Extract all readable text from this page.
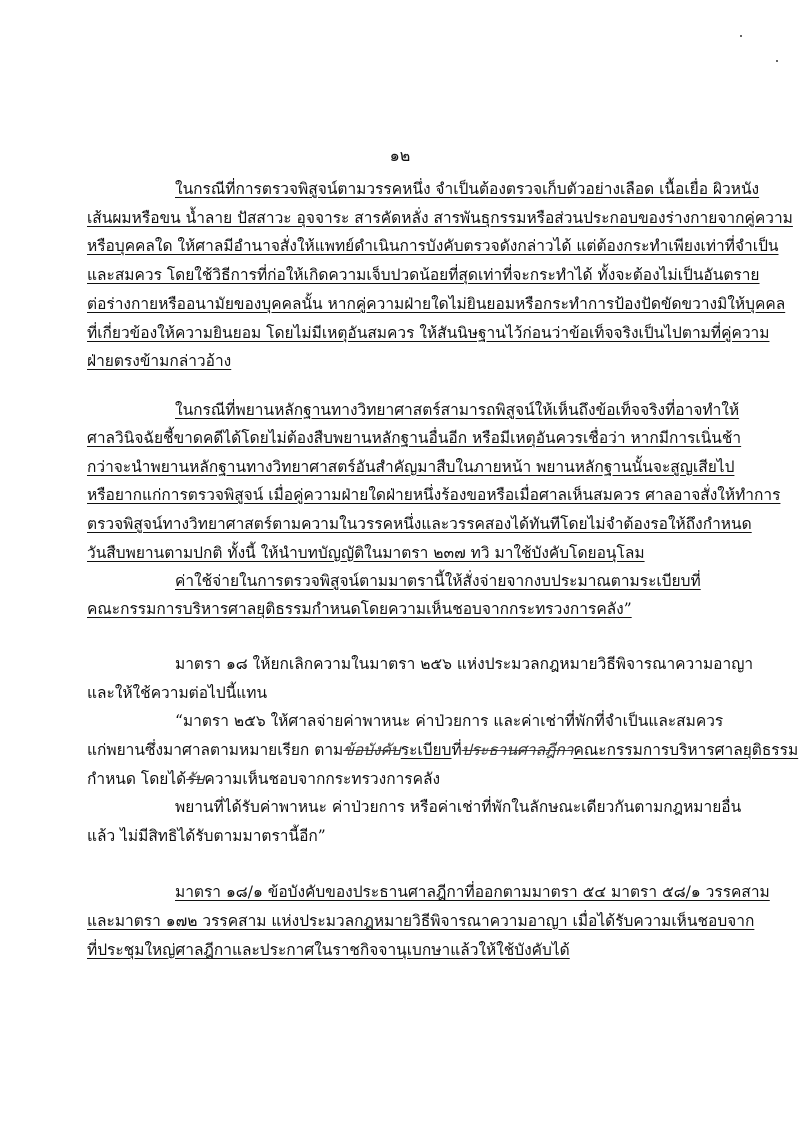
๑๒
ในกรณีที่การตรวจพิสูจน์ตามวรรคหนึ่ง จำเป็นต้องตรวจเก็บตัวอย่างเลือด เนื้อเยื่อ ผิวหนัง
เส้นผมหรือขน น้ำลาย ปัสสาวะ อุจจาระ สารคัดหลั่ง สารพันธุกรรมหรือส่วนประกอบของร่างกายจากคู่ความ
หรือบุคคลใด ให้ศาลมีอำนาจสั่งให้แพทย์ดำเนินการบังคับตรวจดังกล่าวได้ แต่ต้องกระทำเพียงเท่าที่จำเป็น
และสมควร โดยใช้วิธีการที่ก่อให้เกิดความเจ็บปวดน้อยที่สุดเท่าที่จะกระทำได้ ทั้งจะต้องไม่เป็นอันตราย
ต่อร่างกายหรืออนามัยของบุคคลนั้น หากคู่ความฝ่ายใดไม่ยินยอมหรือกระทำการป้องปัดขัดขวางมิให้บุคคล
ที่เกี่ยวข้องให้ความยินยอม โดยไม่มีเหตุอันสมควร ให้สันนิษฐานไว้ก่อนว่าข้อเท็จจริงเป็นไปตามที่คู่ความ
ฝ่ายตรงข้ามกล่าวอ้าง
ในกรณีที่พยานหลักฐานทางวิทยาศาสตร์สามารถพิสูจน์ให้เห็นถึงข้อเท็จจริงที่อาจทำให้
ศาลวินิจฉัยชี้ขาดคดีได้โดยไม่ต้องสืบพยานหลักฐานอื่นอีก หรือมีเหตุอันควรเชื่อว่า หากมีการเนิ่นช้า
กว่าจะนำพยานหลักฐานทางวิทยาศาสตร์อันสำคัญมาสืบในภายหน้า พยานหลักฐานนั้นจะสูญเสียไป
หรือยากแก่การตรวจพิสูจน์ เมื่อคู่ความฝ่ายใดฝ่ายหนึ่งร้องขอหรือเมื่อศาลเห็นสมควร ศาลอาจสั่งให้ทำการ
ตรวจพิสูจน์ทางวิทยาศาสตร์ตามความในวรรคหนึ่งและวรรคสองได้ทันทีโดยไม่จำต้องรอให้ถึงกำหนด
วันสืบพยานตามปกติ ทั้งนี้ ให้นำบทบัญญัติในมาตรา ๒๓๗ ทวิ มาใช้บังคับโดยอนุโลม
ค่าใช้จ่ายในการตรวจพิสูจน์ตามมาตรานี้ให้สั่งจ่ายจากงบประมาณตามระเบียบที่
คณะกรรมการบริหารศาลยุติธรรมกำหนดโดยความเห็นชอบจากกระทรวงการคลัง”
มาตรา ๑๘ ให้ยกเลิกความในมาตรา ๒๕๖ แห่งประมวลกฎหมายวิธีพิจารณาความอาญา
และให้ใช้ความต่อไปนี้แทน
“มาตรา ๒๕๖ ให้ศาลจ่ายค่าพาหนะ ค่าป่วยการ และค่าเช่าที่พักที่จำเป็นและสมควร
แก่พยานซึ่งมาศาลตามหมายเรียก ตามข้อบังคับระเบียบที่ประธานศาลฎีกาคณะกรรมการบริหารศาลยุติธรรม
กำหนด โดยได้รับความเห็นชอบจากกระทรวงการคลัง
พยานที่ได้รับค่าพาหนะ ค่าป่วยการ หรือค่าเช่าที่พักในลักษณะเดียวกันตามกฎหมายอื่น
แล้ว ไม่มีสิทธิได้รับตามมาตรานี้อีก”
มาตรา ๑๘/๑ ข้อบังคับของประธานศาลฎีกาที่ออกตามมาตรา ๕๔ มาตรา ๕๘/๑ วรรคสาม
และมาตรา ๑๗๒ วรรคสาม แห่งประมวลกฎหมายวิธีพิจารณาความอาญา เมื่อได้รับความเห็นชอบจาก
ที่ประชุมใหญ่ศาลฎีกาและประกาศในราชกิจจานุเบกษาแล้วให้ใช้บังคับได้
